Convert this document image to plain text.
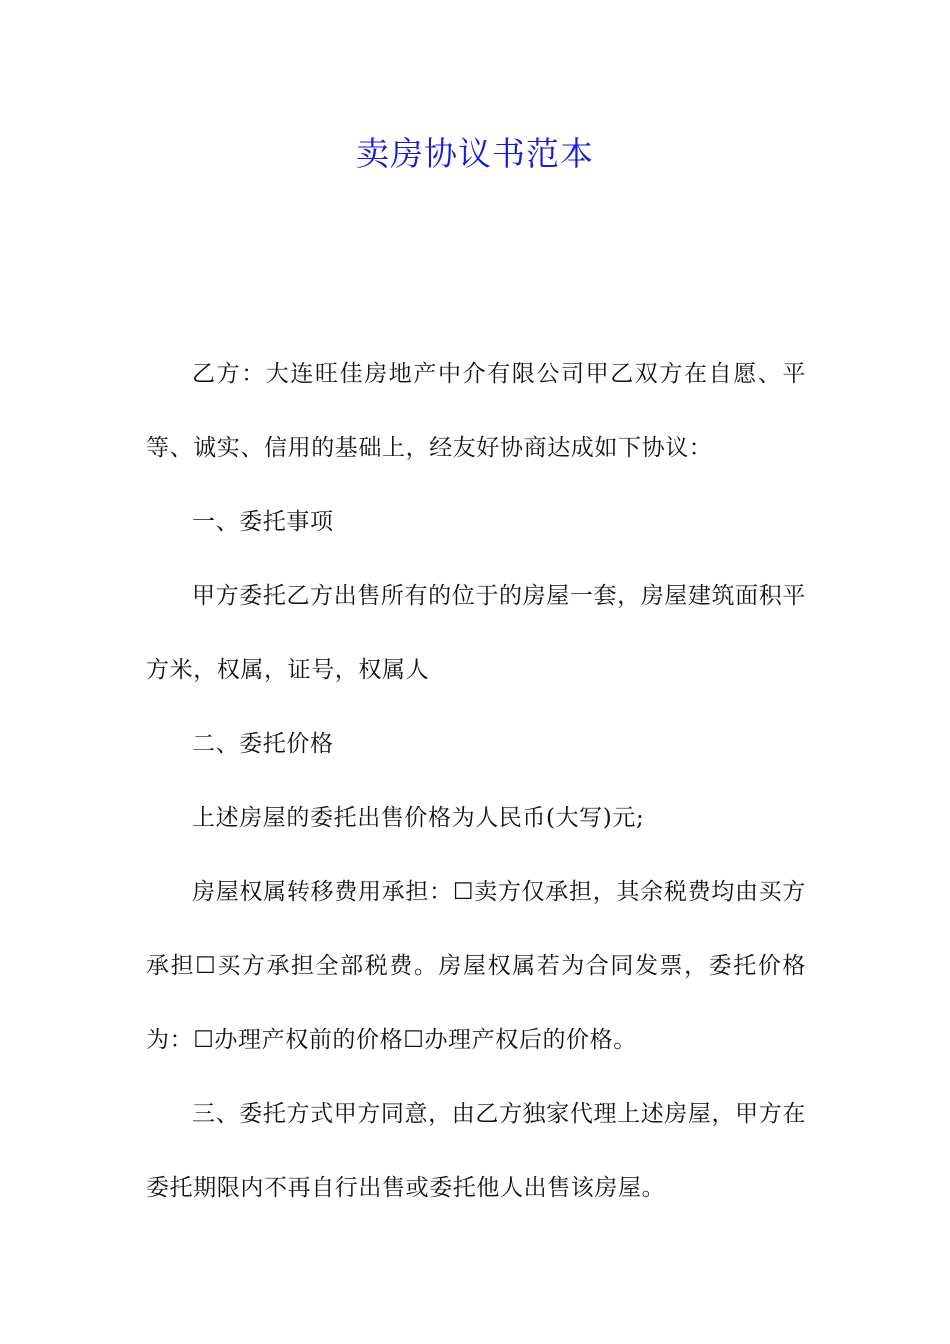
卖房协议书范本

乙方：大连旺佳房地产中介有限公司甲乙双方在自愿、平等、诚实、信用的基础上，经友好协商达成如下协议：

一、委托事项

甲方委托乙方出售所有的位于的房屋一套，房屋建筑面积平方米，权属，证号，权属人

二、委托价格

上述房屋的委托出售价格为人民币(大写)元;

房屋权属转移费用承担：☐卖方仅承担，其余税费均由买方承担☐买方承担全部税费。房屋权属若为合同发票，委托价格为：☐办理产权前的价格☐办理产权后的价格。

三、委托方式甲方同意，由乙方独家代理上述房屋，甲方在委托期限内不再自行出售或委托他人出售该房屋。
